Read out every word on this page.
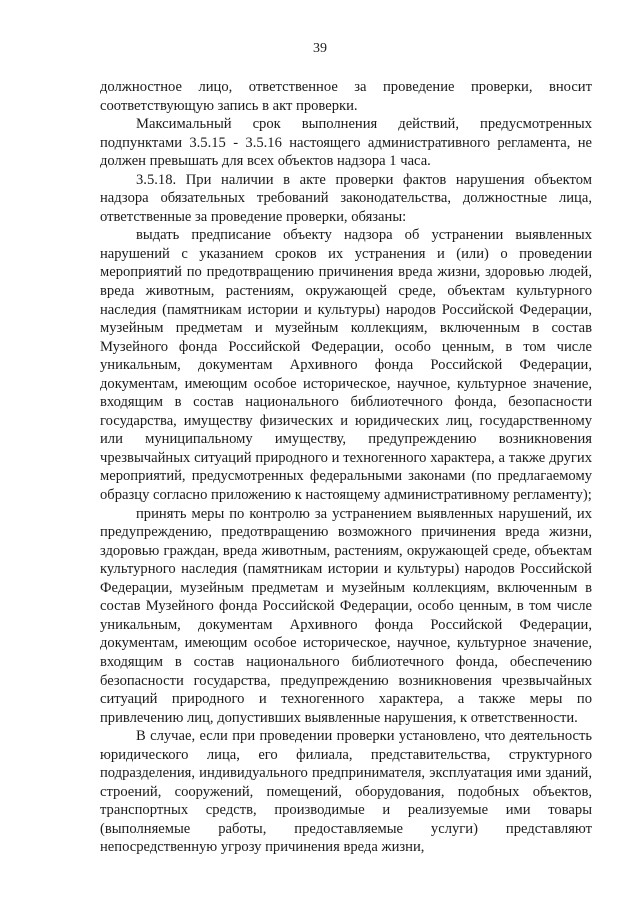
39

должностное лицо, ответственное за проведение проверки, вносит соответствующую запись в акт проверки.

Максимальный срок выполнения действий, предусмотренных подпунктами 3.5.15 - 3.5.16 настоящего административного регламента, не должен превышать для всех объектов надзора 1 часа.

3.5.18. При наличии в акте проверки фактов нарушения объектом надзора обязательных требований законодательства, должностные лица, ответственные за проведение проверки, обязаны:

выдать предписание объекту надзора об устранении выявленных нарушений с указанием сроков их устранения и (или) о проведении мероприятий по предотвращению причинения вреда жизни, здоровью людей, вреда животным, растениям, окружающей среде, объектам культурного наследия (памятникам истории и культуры) народов Российской Федерации, музейным предметам и музейным коллекциям, включенным в состав Музейного фонда Российской Федерации, особо ценным, в том числе уникальным, документам Архивного фонда Российской Федерации, документам, имеющим особое историческое, научное, культурное значение, входящим в состав национального библиотечного фонда, безопасности государства, имуществу физических и юридических лиц, государственному или муниципальному имуществу, предупреждению возникновения чрезвычайных ситуаций природного и техногенного характера, а также других мероприятий, предусмотренных федеральными законами (по предлагаемому образцу согласно приложению к настоящему административному регламенту);

принять меры по контролю за устранением выявленных нарушений, их предупреждению, предотвращению возможного причинения вреда жизни, здоровью граждан, вреда животным, растениям, окружающей среде, объектам культурного наследия (памятникам истории и культуры) народов Российской Федерации, музейным предметам и музейным коллекциям, включенным в состав Музейного фонда Российской Федерации, особо ценным, в том числе уникальным, документам Архивного фонда Российской Федерации, документам, имеющим особое историческое, научное, культурное значение, входящим в состав национального библиотечного фонда, обеспечению безопасности государства, предупреждению возникновения чрезвычайных ситуаций природного и техногенного характера, а также меры по привлечению лиц, допустивших выявленные нарушения, к ответственности.

В случае, если при проведении проверки установлено, что деятельность юридического лица, его филиала, представительства, структурного подразделения, индивидуального предпринимателя, эксплуатация ими зданий, строений, сооружений, помещений, оборудования, подобных объектов, транспортных средств, производимые и реализуемые ими товары (выполняемые работы, предоставляемые услуги) представляют непосредственную угрозу причинения вреда жизни,
